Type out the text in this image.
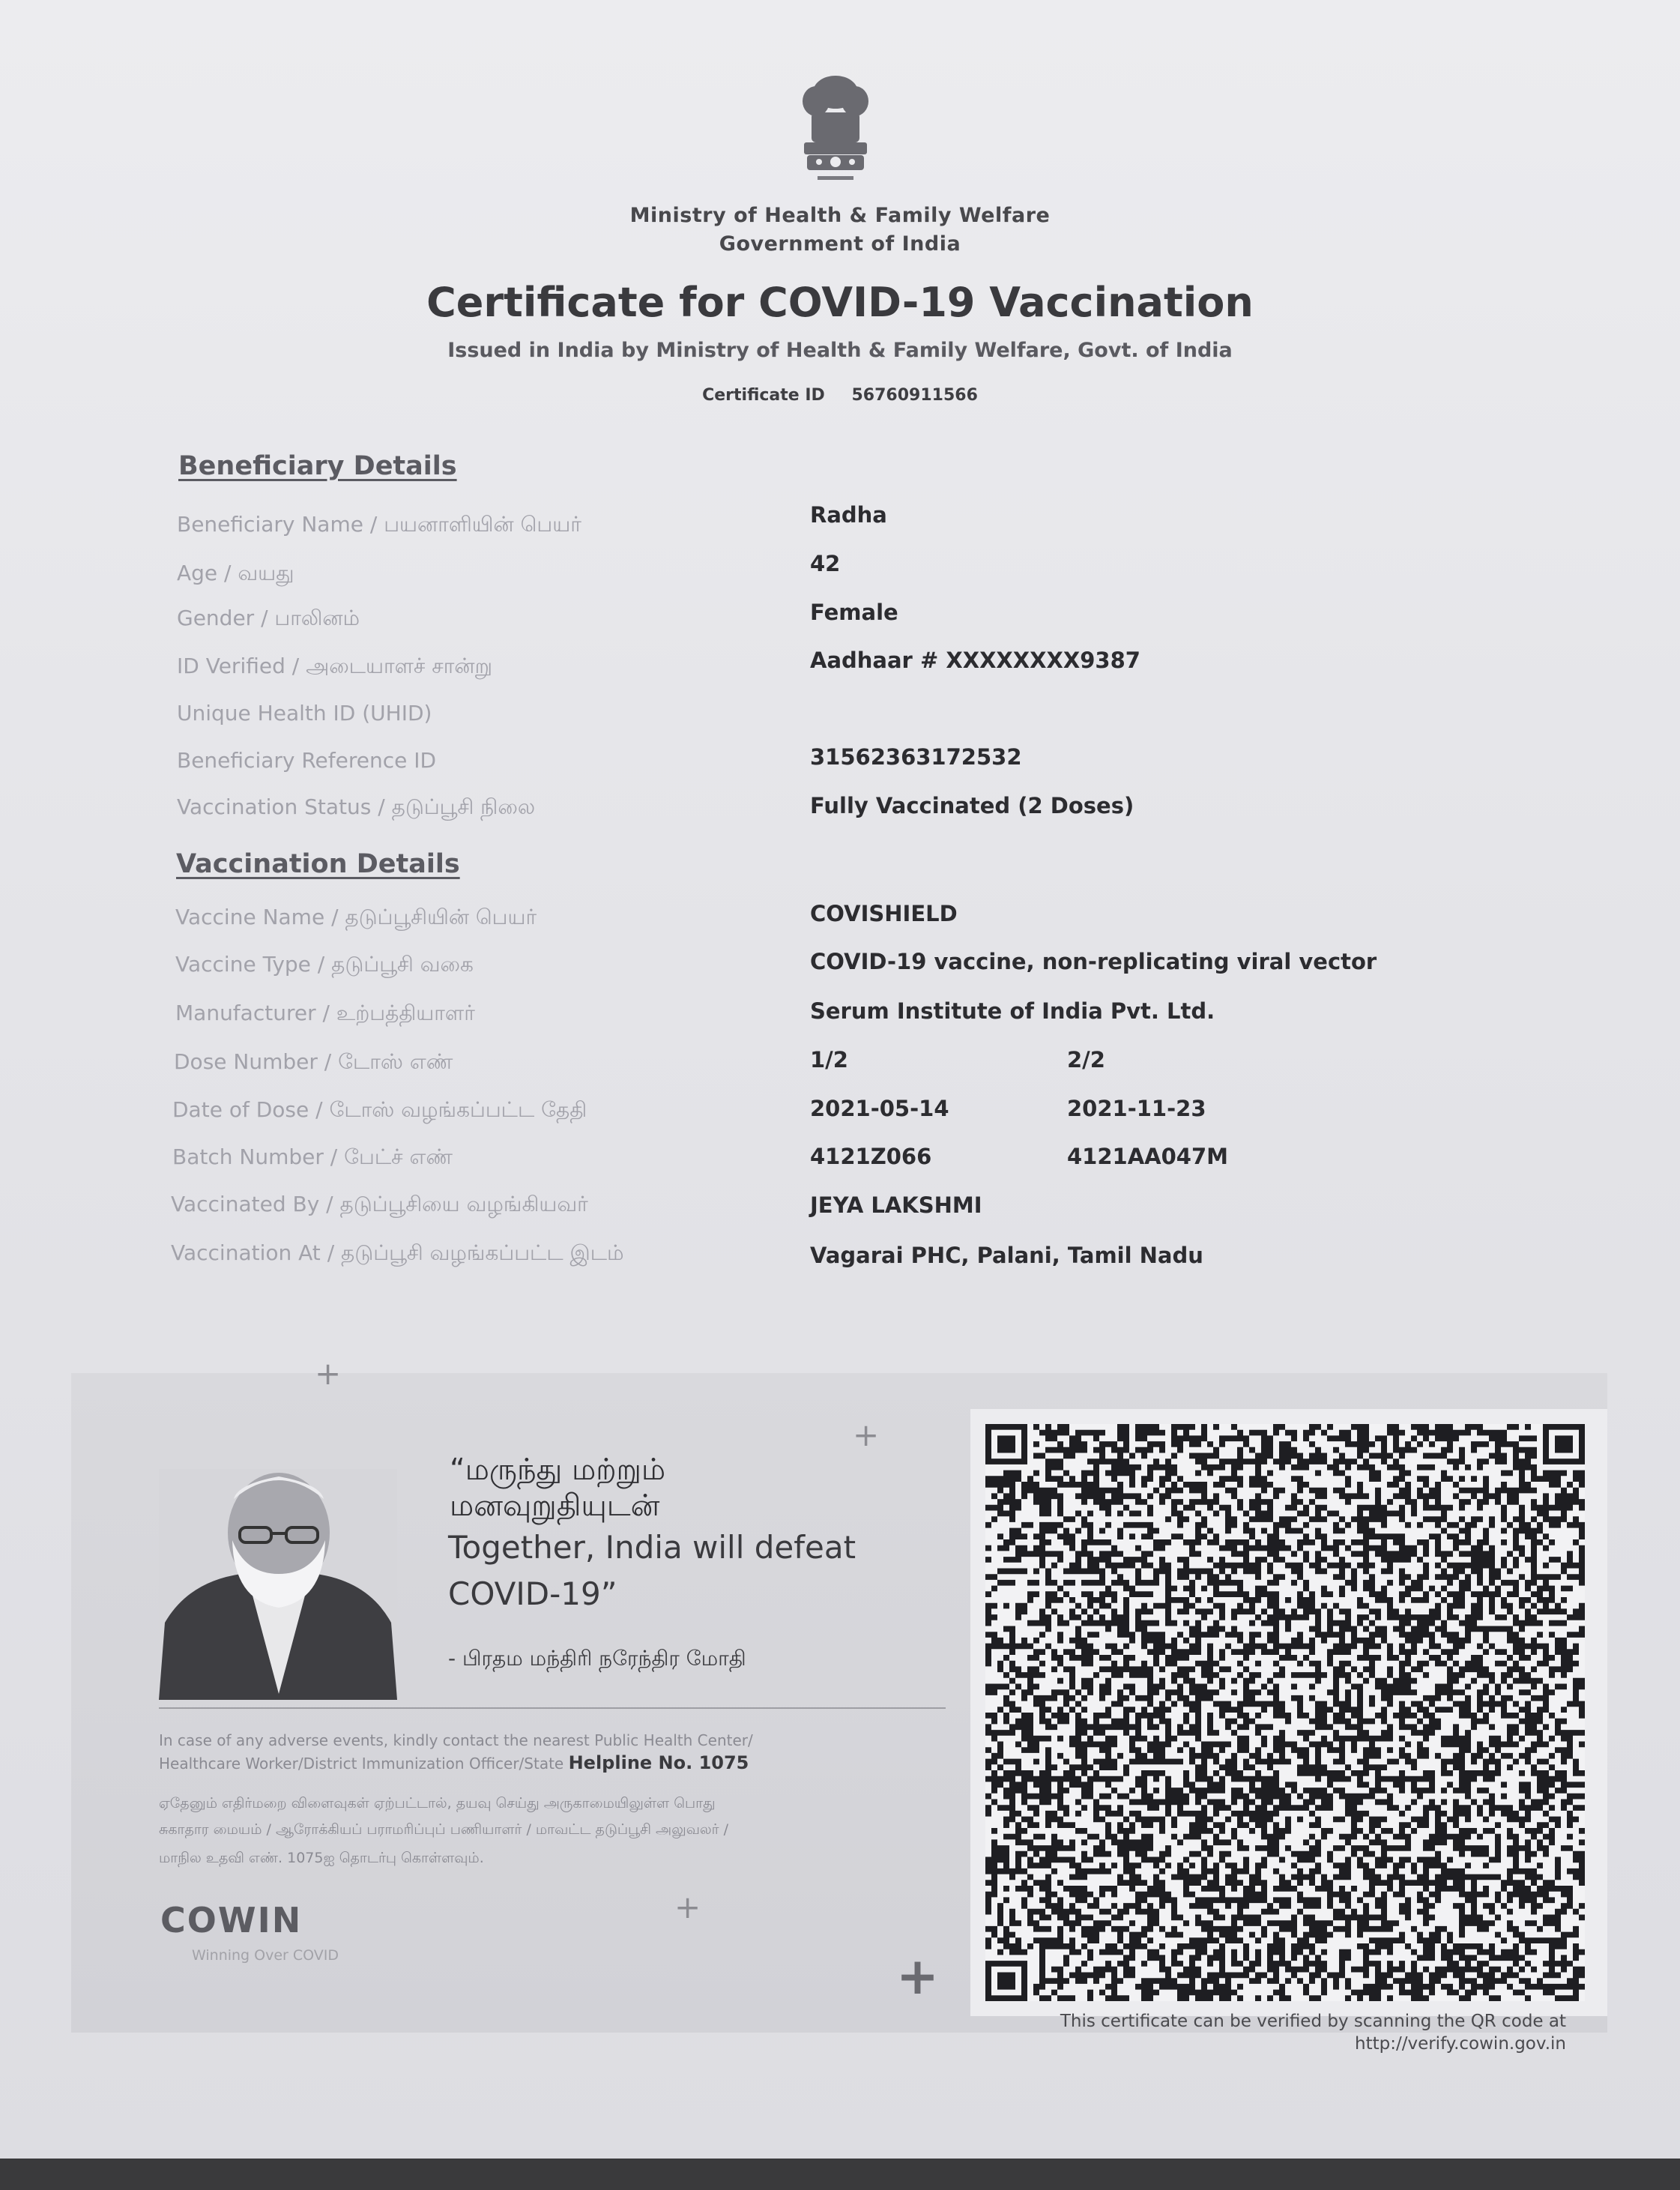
Ministry of Health & Family Welfare
Government of India
Certificate for COVID-19 Vaccination
Issued in India by Ministry of Health & Family Welfare, Govt. of India
Certificate ID 56760911566
Beneficiary Details
Beneficiary Name / பயனாளியின் பெயர்	Radha
Age / வயது	42
Gender / பாலினம்	Female
ID Verified / அடையாளச் சான்று	Aadhaar # XXXXXXXX9387
Unique Health ID (UHID)
Beneficiary Reference ID	31562363172532
Vaccination Status / தடுப்பூசி நிலை	Fully Vaccinated (2 Doses)
Vaccination Details
Vaccine Name / தடுப்பூசியின் பெயர்	COVISHIELD
Vaccine Type / தடுப்பூசி வகை	COVID-19 vaccine, non-replicating viral vector
Manufacturer / உற்பத்தியாளர்	Serum Institute of India Pvt. Ltd.
Dose Number / டோஸ் எண்	1/2	2/2
Date of Dose / டோஸ் வழங்கப்பட்ட தேதி	2021-05-14	2021-11-23
Batch Number / பேட்ச் எண்	4121Z066	4121AA047M
Vaccinated By / தடுப்பூசியை வழங்கியவர்	JEYA LAKSHMI
Vaccination At / தடுப்பூசி வழங்கப்பட்ட இடம்	Vagarai PHC, Palani, Tamil Nadu
+
+
+
+
“மருந்து மற்றும்
மனவுறுதியுடன்
Together, India will defeat
COVID-19”
- பிரதம மந்திரி நரேந்திர மோதி
In case of any adverse events, kindly contact the nearest Public Health Center/
Healthcare Worker/District Immunization Officer/State Helpline No. 1075
ஏதேனும் எதிர்மறை விளைவுகள் ஏற்பட்டால், தயவு செய்து அருகாமையிலுள்ள பொது
சுகாதார மையம் / ஆரோக்கியப் பராமரிப்புப் பணியாளர் / மாவட்ட தடுப்பூசி அலுவலர் /
மாநில உதவி எண். 1075ஐ தொடர்பு கொள்ளவும்.
COWIN
Winning Over COVID
This certificate can be verified by scanning the QR code at
http://verify.cowin.gov.in
